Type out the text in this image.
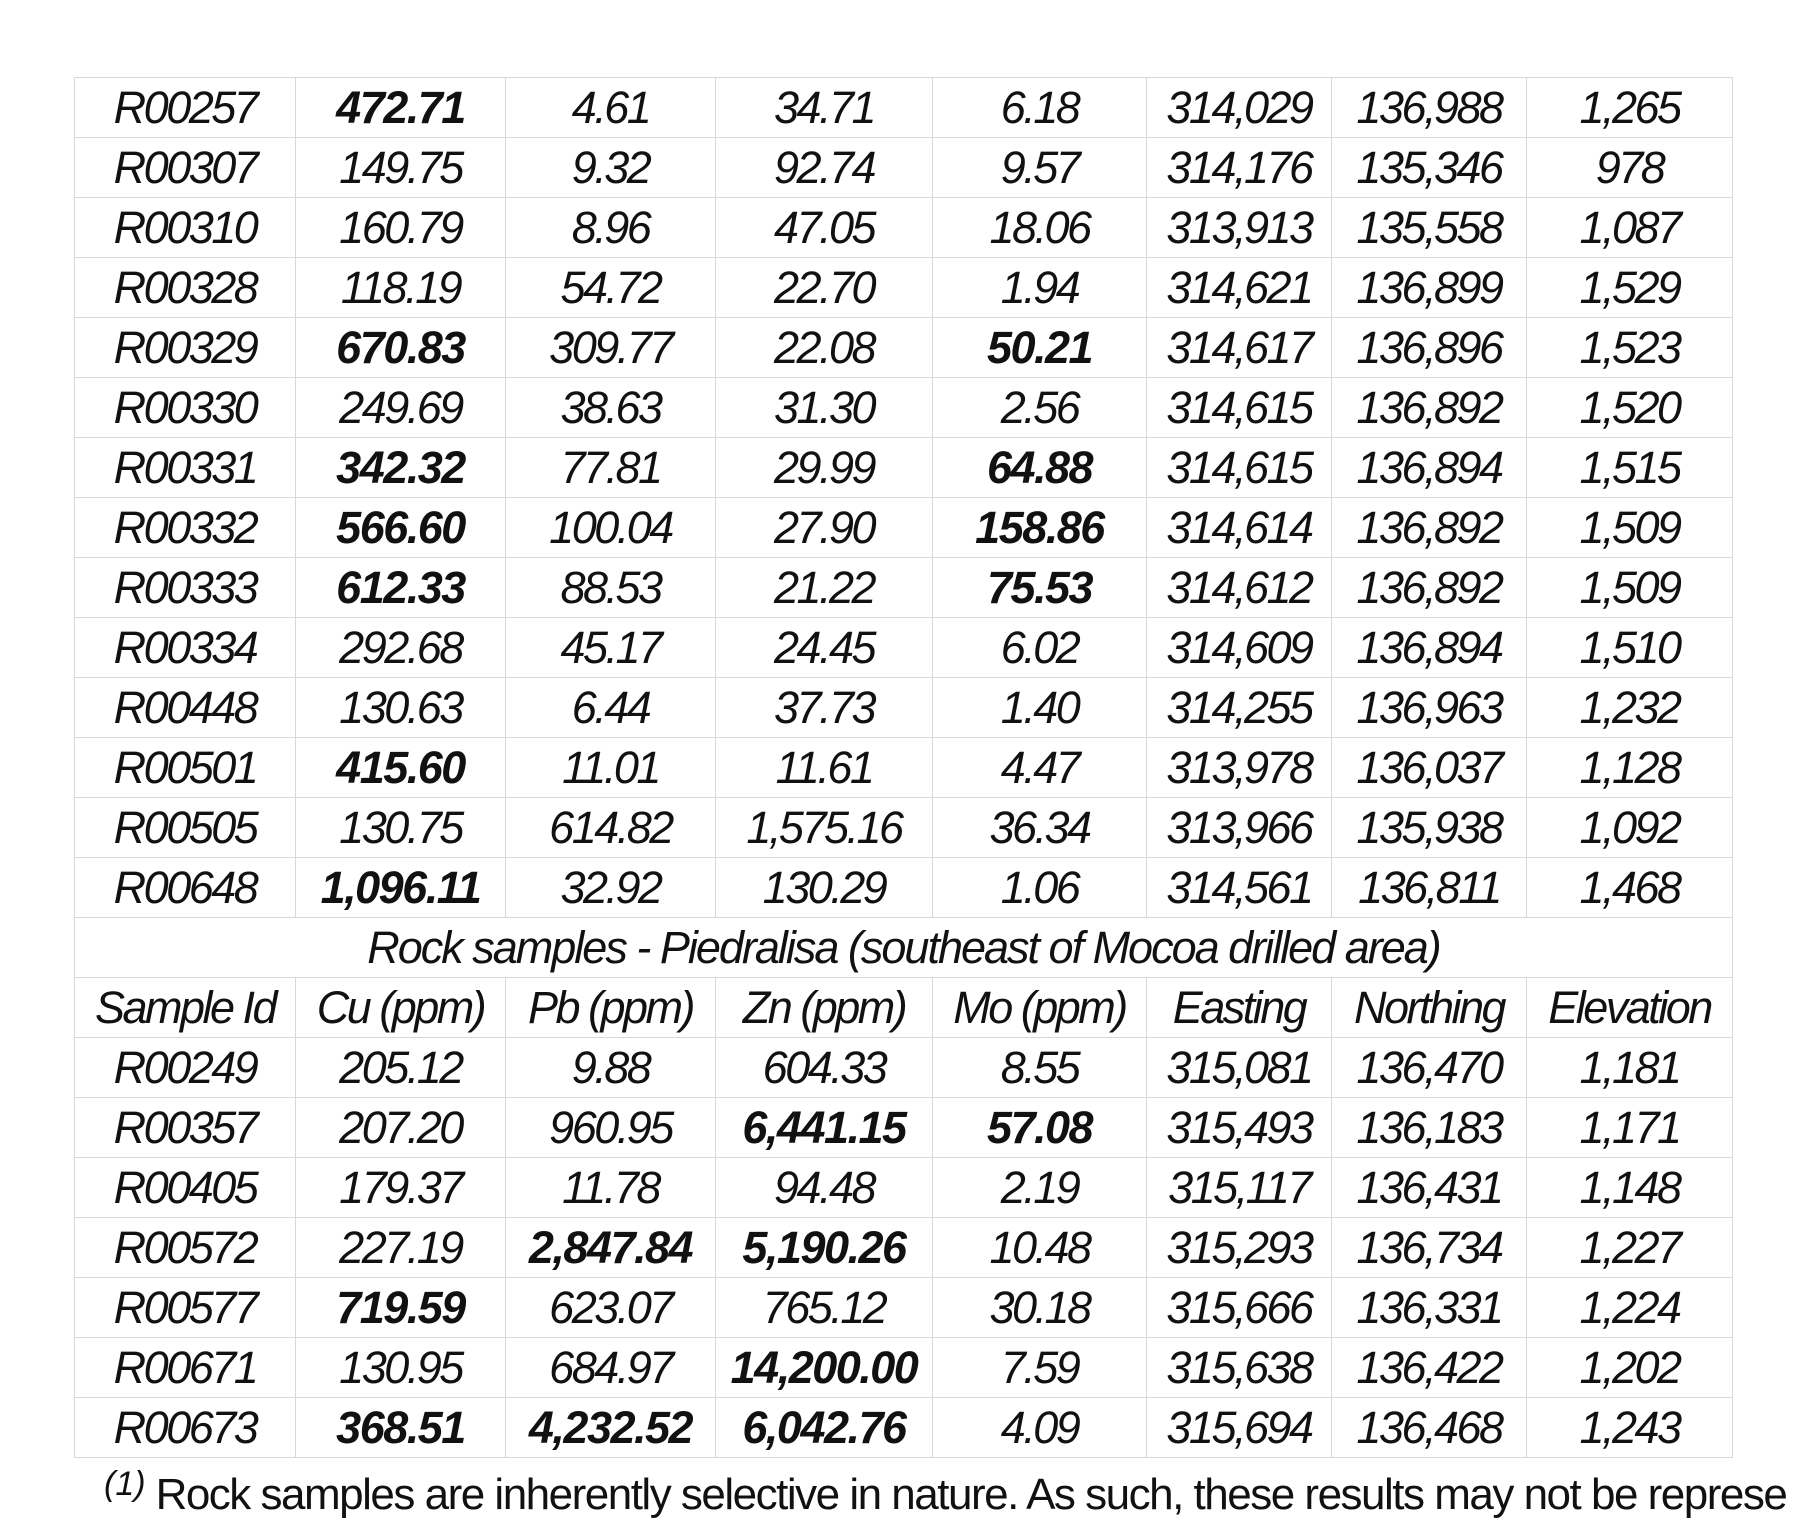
R00257	472.71	4.61	34.71	6.18	314,029	136,988	1,265
R00307	149.75	9.32	92.74	9.57	314,176	135,346	978
R00310	160.79	8.96	47.05	18.06	313,913	135,558	1,087
R00328	118.19	54.72	22.70	1.94	314,621	136,899	1,529
R00329	670.83	309.77	22.08	50.21	314,617	136,896	1,523
R00330	249.69	38.63	31.30	2.56	314,615	136,892	1,520
R00331	342.32	77.81	29.99	64.88	314,615	136,894	1,515
R00332	566.60	100.04	27.90	158.86	314,614	136,892	1,509
R00333	612.33	88.53	21.22	75.53	314,612	136,892	1,509
R00334	292.68	45.17	24.45	6.02	314,609	136,894	1,510
R00448	130.63	6.44	37.73	1.40	314,255	136,963	1,232
R00501	415.60	11.01	11.61	4.47	313,978	136,037	1,128
R00505	130.75	614.82	1,575.16	36.34	313,966	135,938	1,092
R00648	1,096.11	32.92	130.29	1.06	314,561	136,811	1,468
Rock samples - Piedralisa (southeast of Mocoa drilled area)							
Sample Id	Cu (ppm)	Pb (ppm)	Zn (ppm)	Mo (ppm)	Easting	Northing	Elevation
R00249	205.12	9.88	604.33	8.55	315,081	136,470	1,181
R00357	207.20	960.95	6,441.15	57.08	315,493	136,183	1,171
R00405	179.37	11.78	94.48	2.19	315,117	136,431	1,148
R00572	227.19	2,847.84	5,190.26	10.48	315,293	136,734	1,227
R00577	719.59	623.07	765.12	30.18	315,666	136,331	1,224
R00671	130.95	684.97	14,200.00	7.59	315,638	136,422	1,202
R00673	368.51	4,232.52	6,042.76	4.09	315,694	136,468	1,243
$^{(1)}$ Rock samples are inherently selective in nature. As such, these results may not be represe
